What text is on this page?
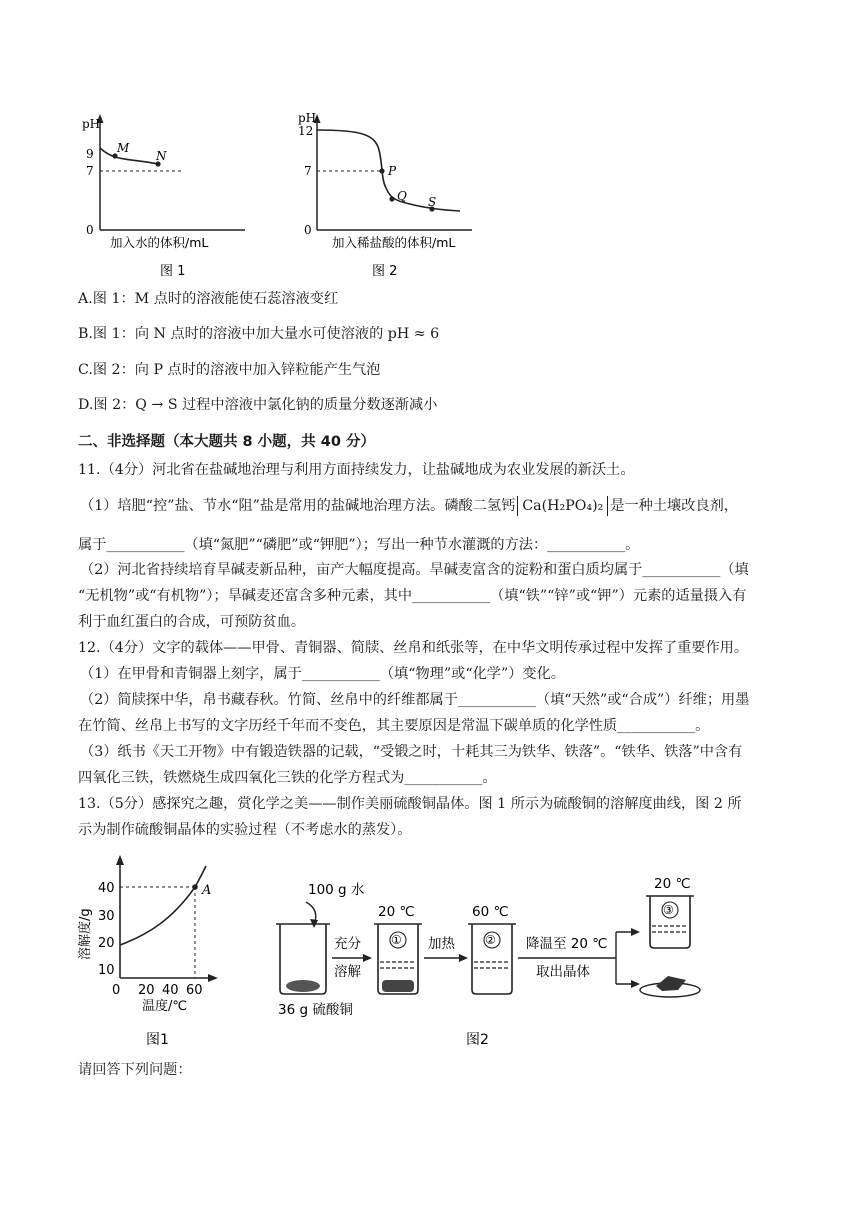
pH
9
7
0
M
N
加入水的体积/mL
图 1
pH
12
7
0
P
Q S
加入稀盐酸的体积/mL
图 2
A.图 1：M 点时的溶液能使石蕊溶液变红
B.图 1：向 N 点时的溶液中加大量水可使溶液的 pH ≈ 6
C.图 2：向 P 点时的溶液中加入锌粒能产生气泡
D.图 2：Q → S 过程中溶液中氯化钠的质量分数逐渐减小
二、非选择题（本大题共 8 小题，共 40 分）
11.（4分）河北省在盐碱地治理与利用方面持续发力，让盐碱地成为农业发展的新沃土。
（1）培肥“控”盐、节水“阻”盐是常用的盐碱地治理方法。磷酸二氢钙 Ca(H₂PO₄)₂ 是一种土壤改良剂，
属于___________（填“氮肥”“磷肥”或“钾肥”）；写出一种节水灌溉的方法：___________。
（2）河北省持续培育旱碱麦新品种，亩产大幅度提高。旱碱麦富含的淀粉和蛋白质均属于___________（填
“无机物”或“有机物”）；旱碱麦还富含多种元素，其中___________（填“铁”“锌”或“钾”）元素的适量摄入有
利于血红蛋白的合成，可预防贫血。
12.（4分）文字的载体——甲骨、青铜器、简牍、丝帛和纸张等，在中华文明传承过程中发挥了重要作用。
（1）在甲骨和青铜器上刻字，属于___________（填“物理”或“化学”）变化。
（2）简牍探中华，帛书藏春秋。竹简、丝帛中的纤维都属于___________（填“天然”或“合成”）纤维；用墨
在竹简、丝帛上书写的文字历经千年而不变色，其主要原因是常温下碳单质的化学性质___________。
（3）纸书《天工开物》中有锻造铁器的记载，“受锻之时，十耗其三为铁华、铁落”。“铁华、铁落”中含有
四氧化三铁，铁燃烧生成四氧化三铁的化学方程式为___________。
13.（5分）感探究之趣，赏化学之美——制作美丽硫酸铜晶体。图 1 所示为硫酸铜的溶解度曲线，图 2 所
示为制作硫酸铜晶体的实验过程（不考虑水的蒸发）。
A
40
30
20
10
0 20 40 60
温度/℃
溶解度/g
图1
100 g 水
36 g 硫酸铜
充分
溶解
①
20 ℃
加热	②
60 ℃
降温至 20 ℃
取出晶体
③
20 ℃
图2
请回答下列问题：
